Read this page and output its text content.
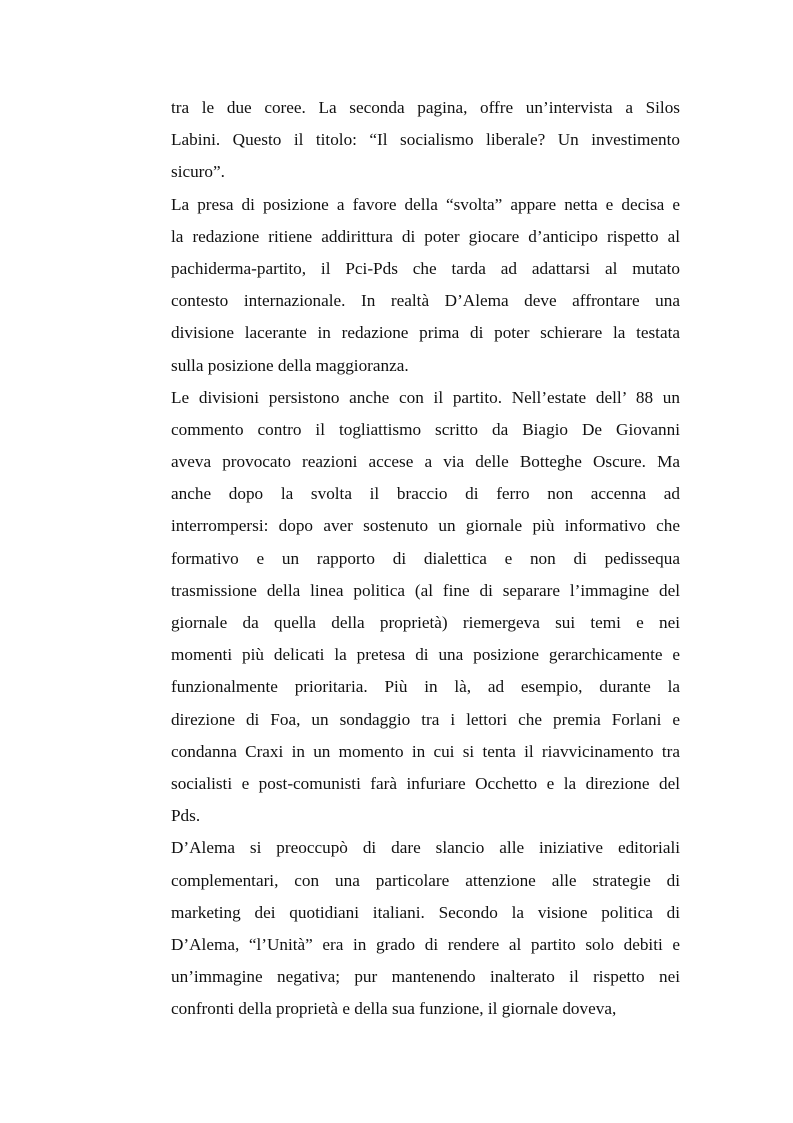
tra le due coree. La seconda pagina, offre un’intervista a Silos
Labini. Questo il titolo: “Il socialismo liberale? Un investimento
sicuro”.
La presa di posizione a favore della “svolta” appare netta e decisa e
la redazione ritiene addirittura di poter giocare d’anticipo rispetto al
pachiderma-partito, il Pci-Pds che tarda ad adattarsi al mutato
contesto internazionale. In realtà D’Alema deve affrontare una
divisione lacerante in redazione prima di poter schierare la testata
sulla posizione della maggioranza.
Le divisioni persistono anche con il partito. Nell’estate dell’ 88 un
commento contro il togliattismo scritto da Biagio De Giovanni
aveva provocato reazioni accese a via delle Botteghe Oscure. Ma
anche dopo la svolta il braccio di ferro non accenna ad
interrompersi: dopo aver sostenuto un giornale più informativo che
formativo e un rapporto di dialettica e non di pedissequa
trasmissione della linea politica (al fine di separare l’immagine del
giornale da quella della proprietà) riemergeva sui temi e nei
momenti più delicati la pretesa di una posizione gerarchicamente e
funzionalmente prioritaria. Più in là, ad esempio, durante la
direzione di Foa, un sondaggio tra i lettori che premia Forlani e
condanna Craxi in un momento in cui si tenta il riavvicinamento tra
socialisti e post-comunisti farà infuriare Occhetto e la direzione del
Pds.
D’Alema si preoccupò di dare slancio alle iniziative editoriali
complementari, con una particolare attenzione alle strategie di
marketing dei quotidiani italiani. Secondo la visione politica di
D’Alema, “l’Unità” era in grado di rendere al partito solo debiti e
un’immagine negativa; pur mantenendo inalterato il rispetto nei
confronti della proprietà e della sua funzione, il giornale doveva,
